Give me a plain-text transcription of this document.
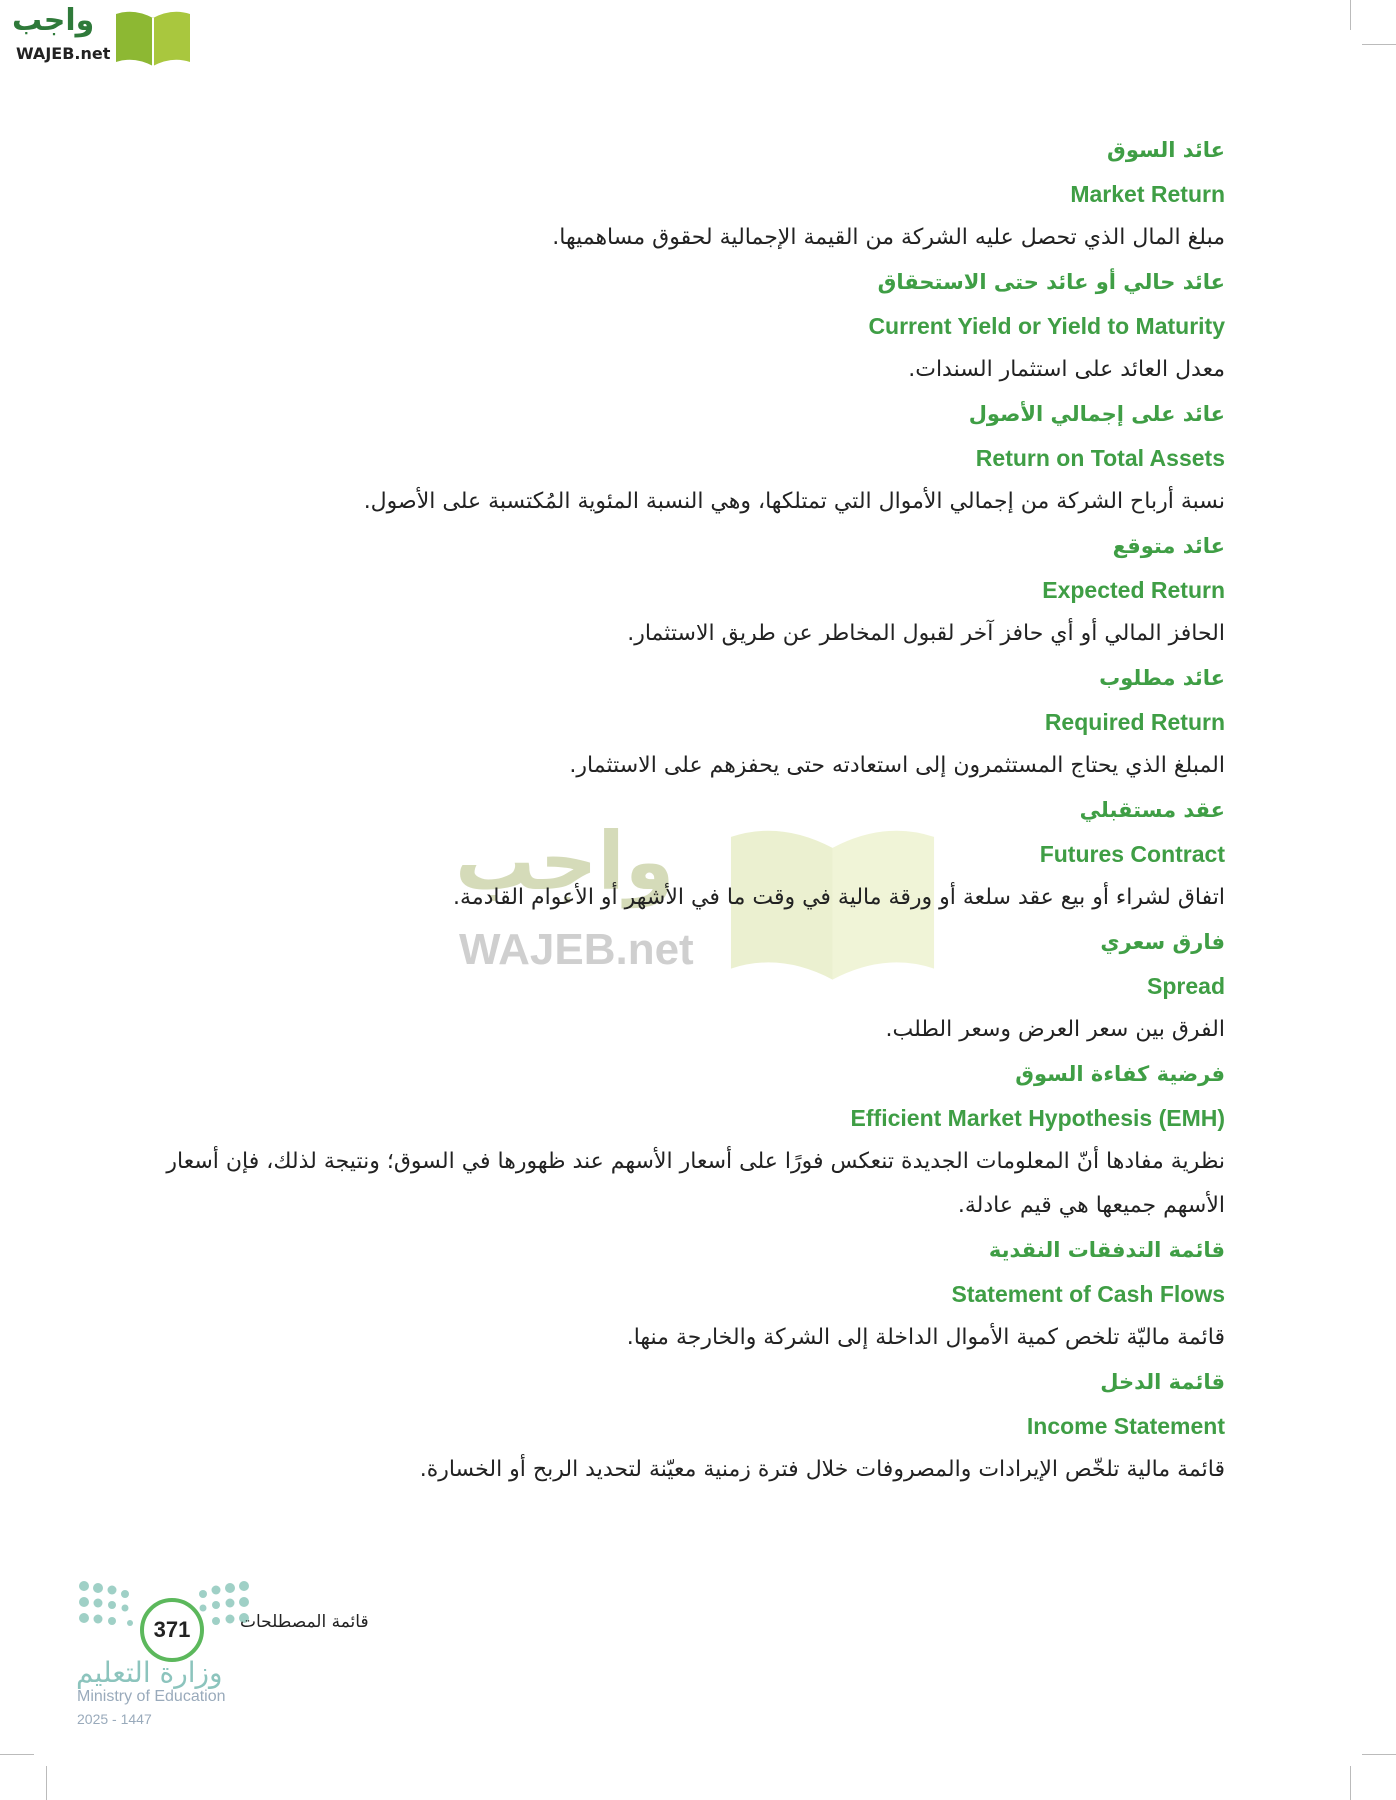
واجب
WAJEB.net
واجب
WAJEB.net
عائد السوق
Market Return
مبلغ المال الذي تحصل عليه الشركة من القيمة الإجمالية لحقوق مساهميها.
عائد حالي أو عائد حتى الاستحقاق
Current Yield or Yield to Maturity
معدل العائد على استثمار السندات.
عائد على إجمالي الأصول
Return on Total Assets
نسبة أرباح الشركة من إجمالي الأموال التي تمتلكها، وهي النسبة المئوية المُكتسبة على الأصول.
عائد متوقع
Expected Return
الحافز المالي أو أي حافز آخر لقبول المخاطر عن طريق الاستثمار.
عائد مطلوب
Required Return
المبلغ الذي يحتاج المستثمرون إلى استعادته حتى يحفزهم على الاستثمار.
عقد مستقبلي
Futures Contract
اتفاق لشراء أو بيع عقد سلعة أو ورقة مالية في وقت ما في الأشهر أو الأعوام القادمة.
فارق سعري
Spread
الفرق بين سعر العرض وسعر الطلب.
فرضية كفاءة السوق
Efficient Market Hypothesis (EMH)
نظرية مفادها أنّ المعلومات الجديدة تنعكس فورًا على أسعار الأسهم عند ظهورها في السوق؛ ونتيجة لذلك، فإن أسعار الأسهم جميعها هي قيم عادلة.
قائمة التدفقات النقدية
Statement of Cash Flows
قائمة ماليّة تلخص كمية الأموال الداخلة إلى الشركة والخارجة منها.
قائمة الدخل
Income Statement
قائمة مالية تلخّص الإيرادات والمصروفات خلال فترة زمنية معيّنة لتحديد الربح أو الخسارة.
371	قائمة المصطلحات
وزارة التعليم
Ministry of Education
2025 - 1447
